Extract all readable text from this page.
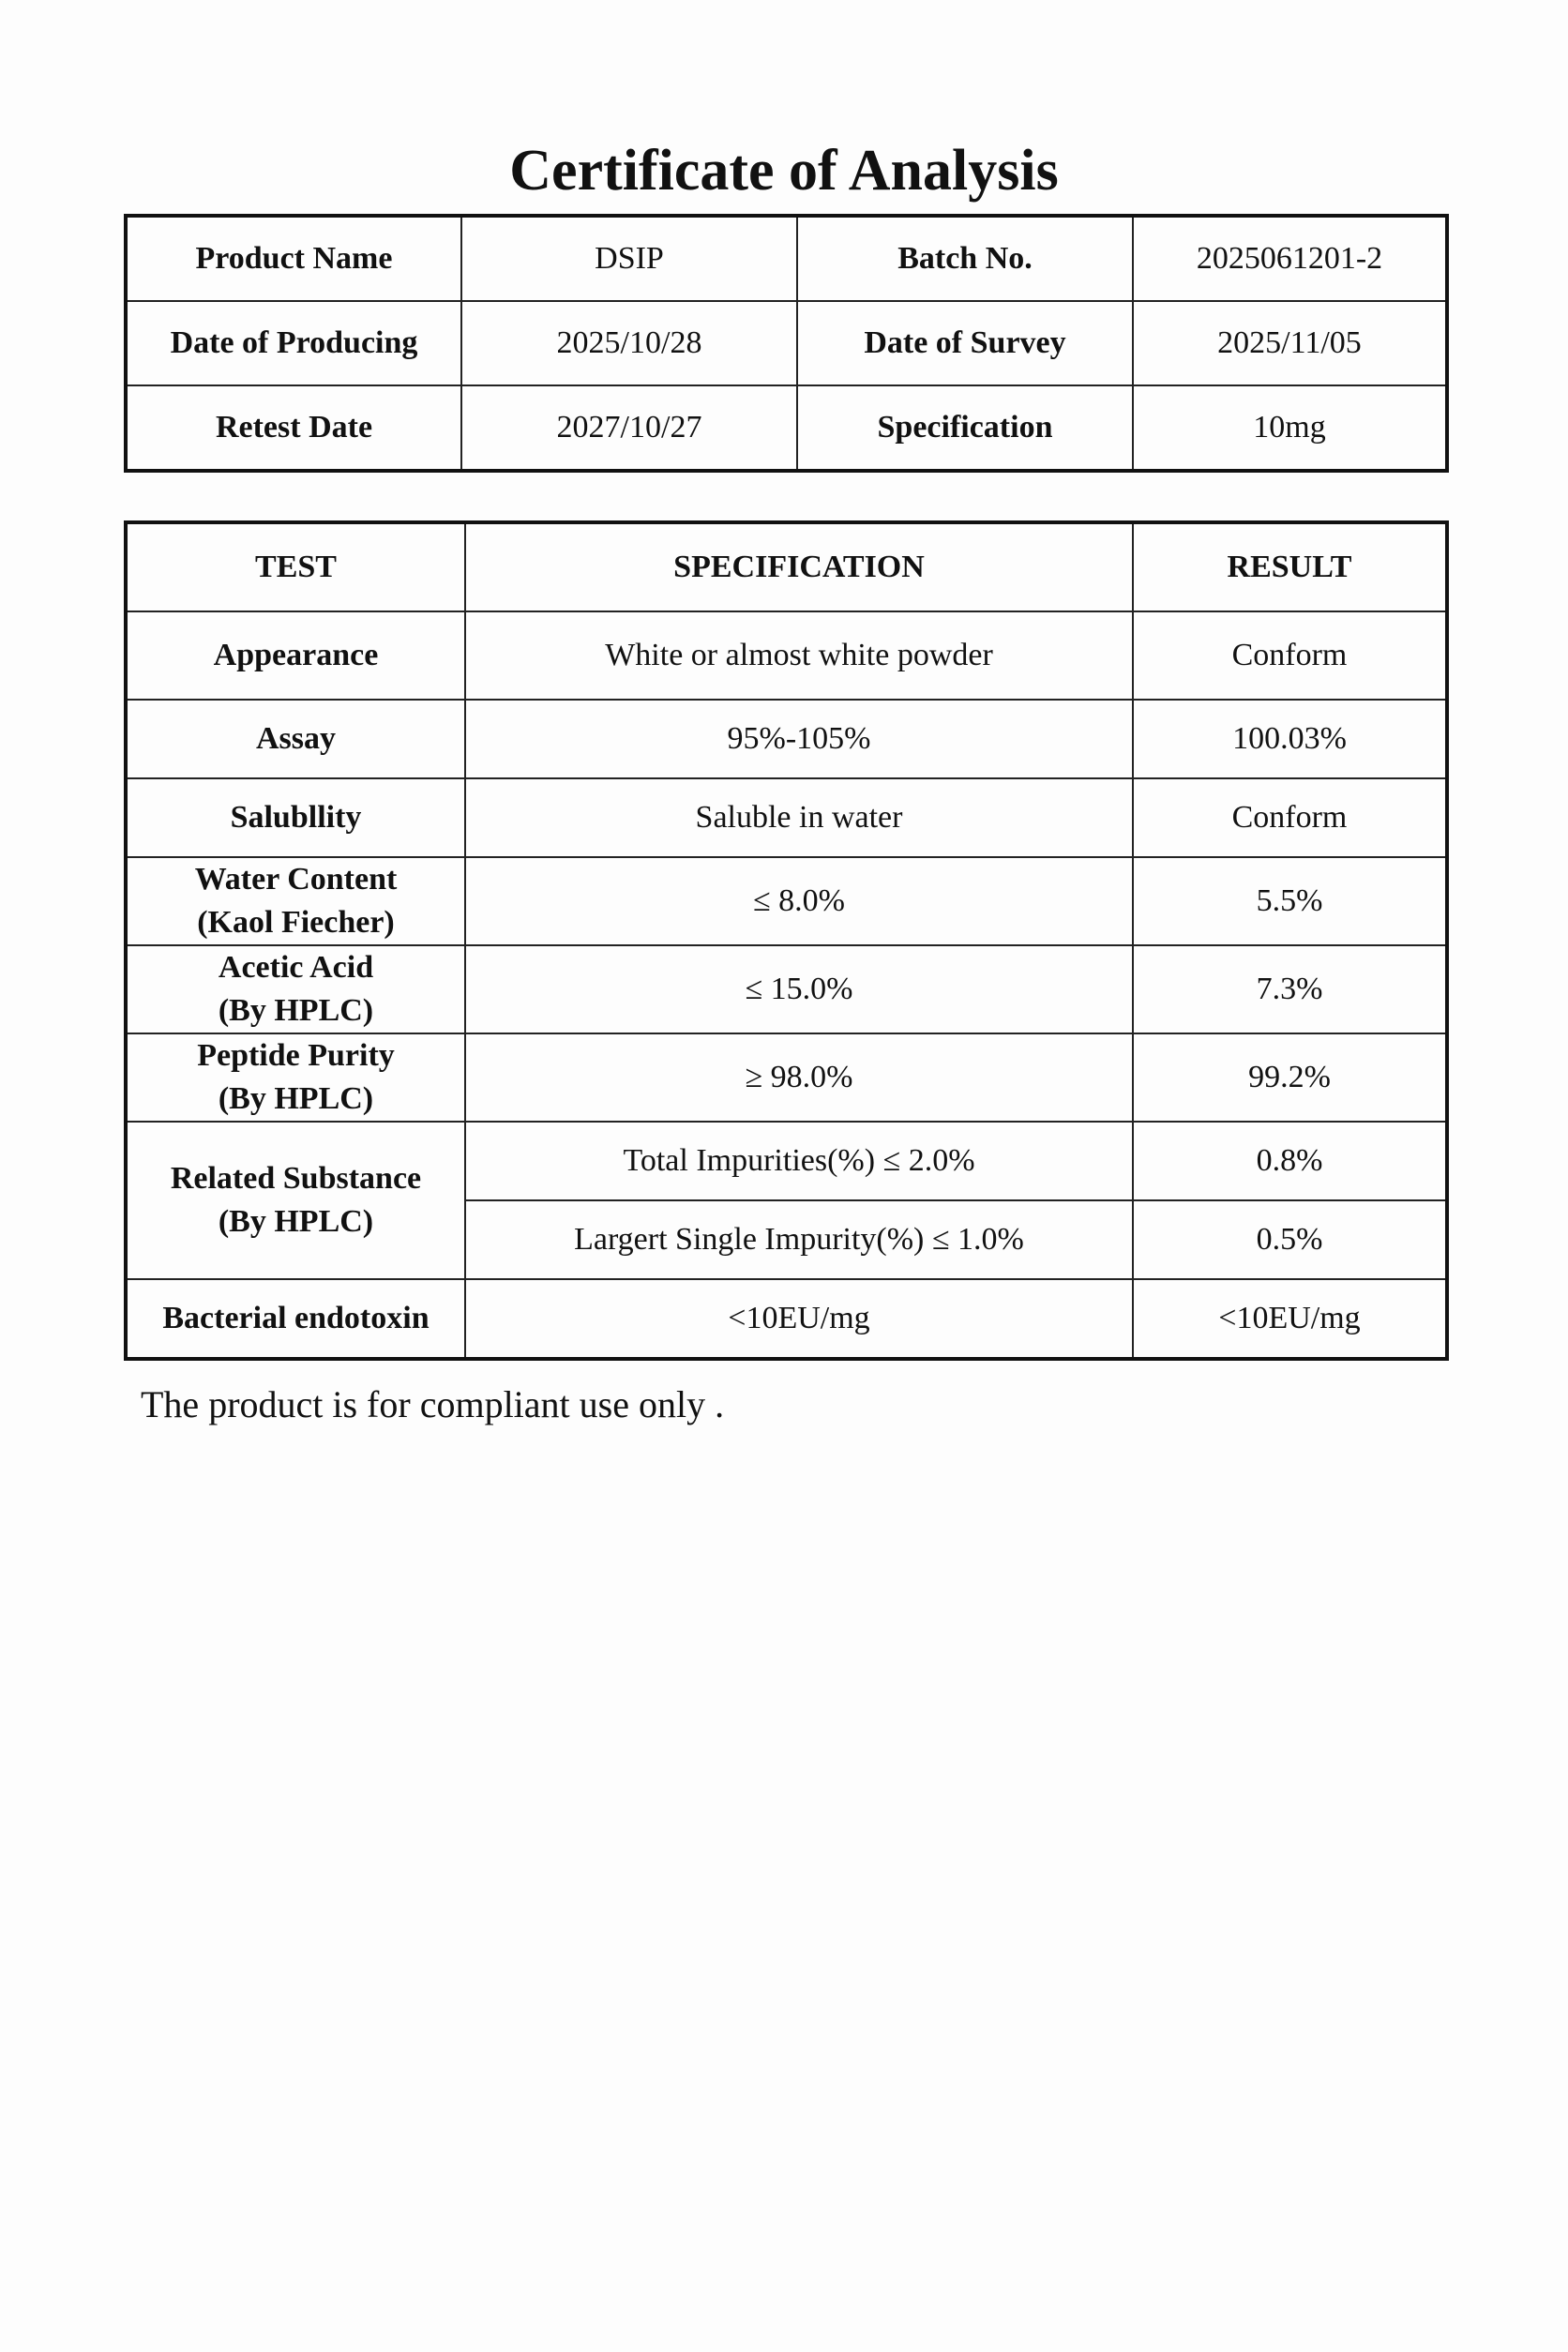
Certificate of Analysis
Product Name	DSIP	Batch No.	2025061201-2
Date of Producing	2025/10/28	Date of Survey	2025/11/05
Retest Date	2027/10/27	Specification	10mg
TEST	SPECIFICATION	RESULT
Appearance	White or almost white powder	Conform
Assay	95%-105%	100.03%
Salubllity	Saluble in water	Conform
Water Content
(Kaol Fiecher)	≤ 8.0%	5.5%
Acetic Acid
(By HPLC)	≤ 15.0%	7.3%
Peptide Purity
(By HPLC)	≥ 98.0%	99.2%
Related Substance
(By HPLC)	Total Impurities(%) ≤ 2.0%	0.8%
	Largert Single Impurity(%) ≤ 1.0%	0.5%
Bacterial endotoxin	<10EU/mg	<10EU/mg
The product is for compliant use only .
